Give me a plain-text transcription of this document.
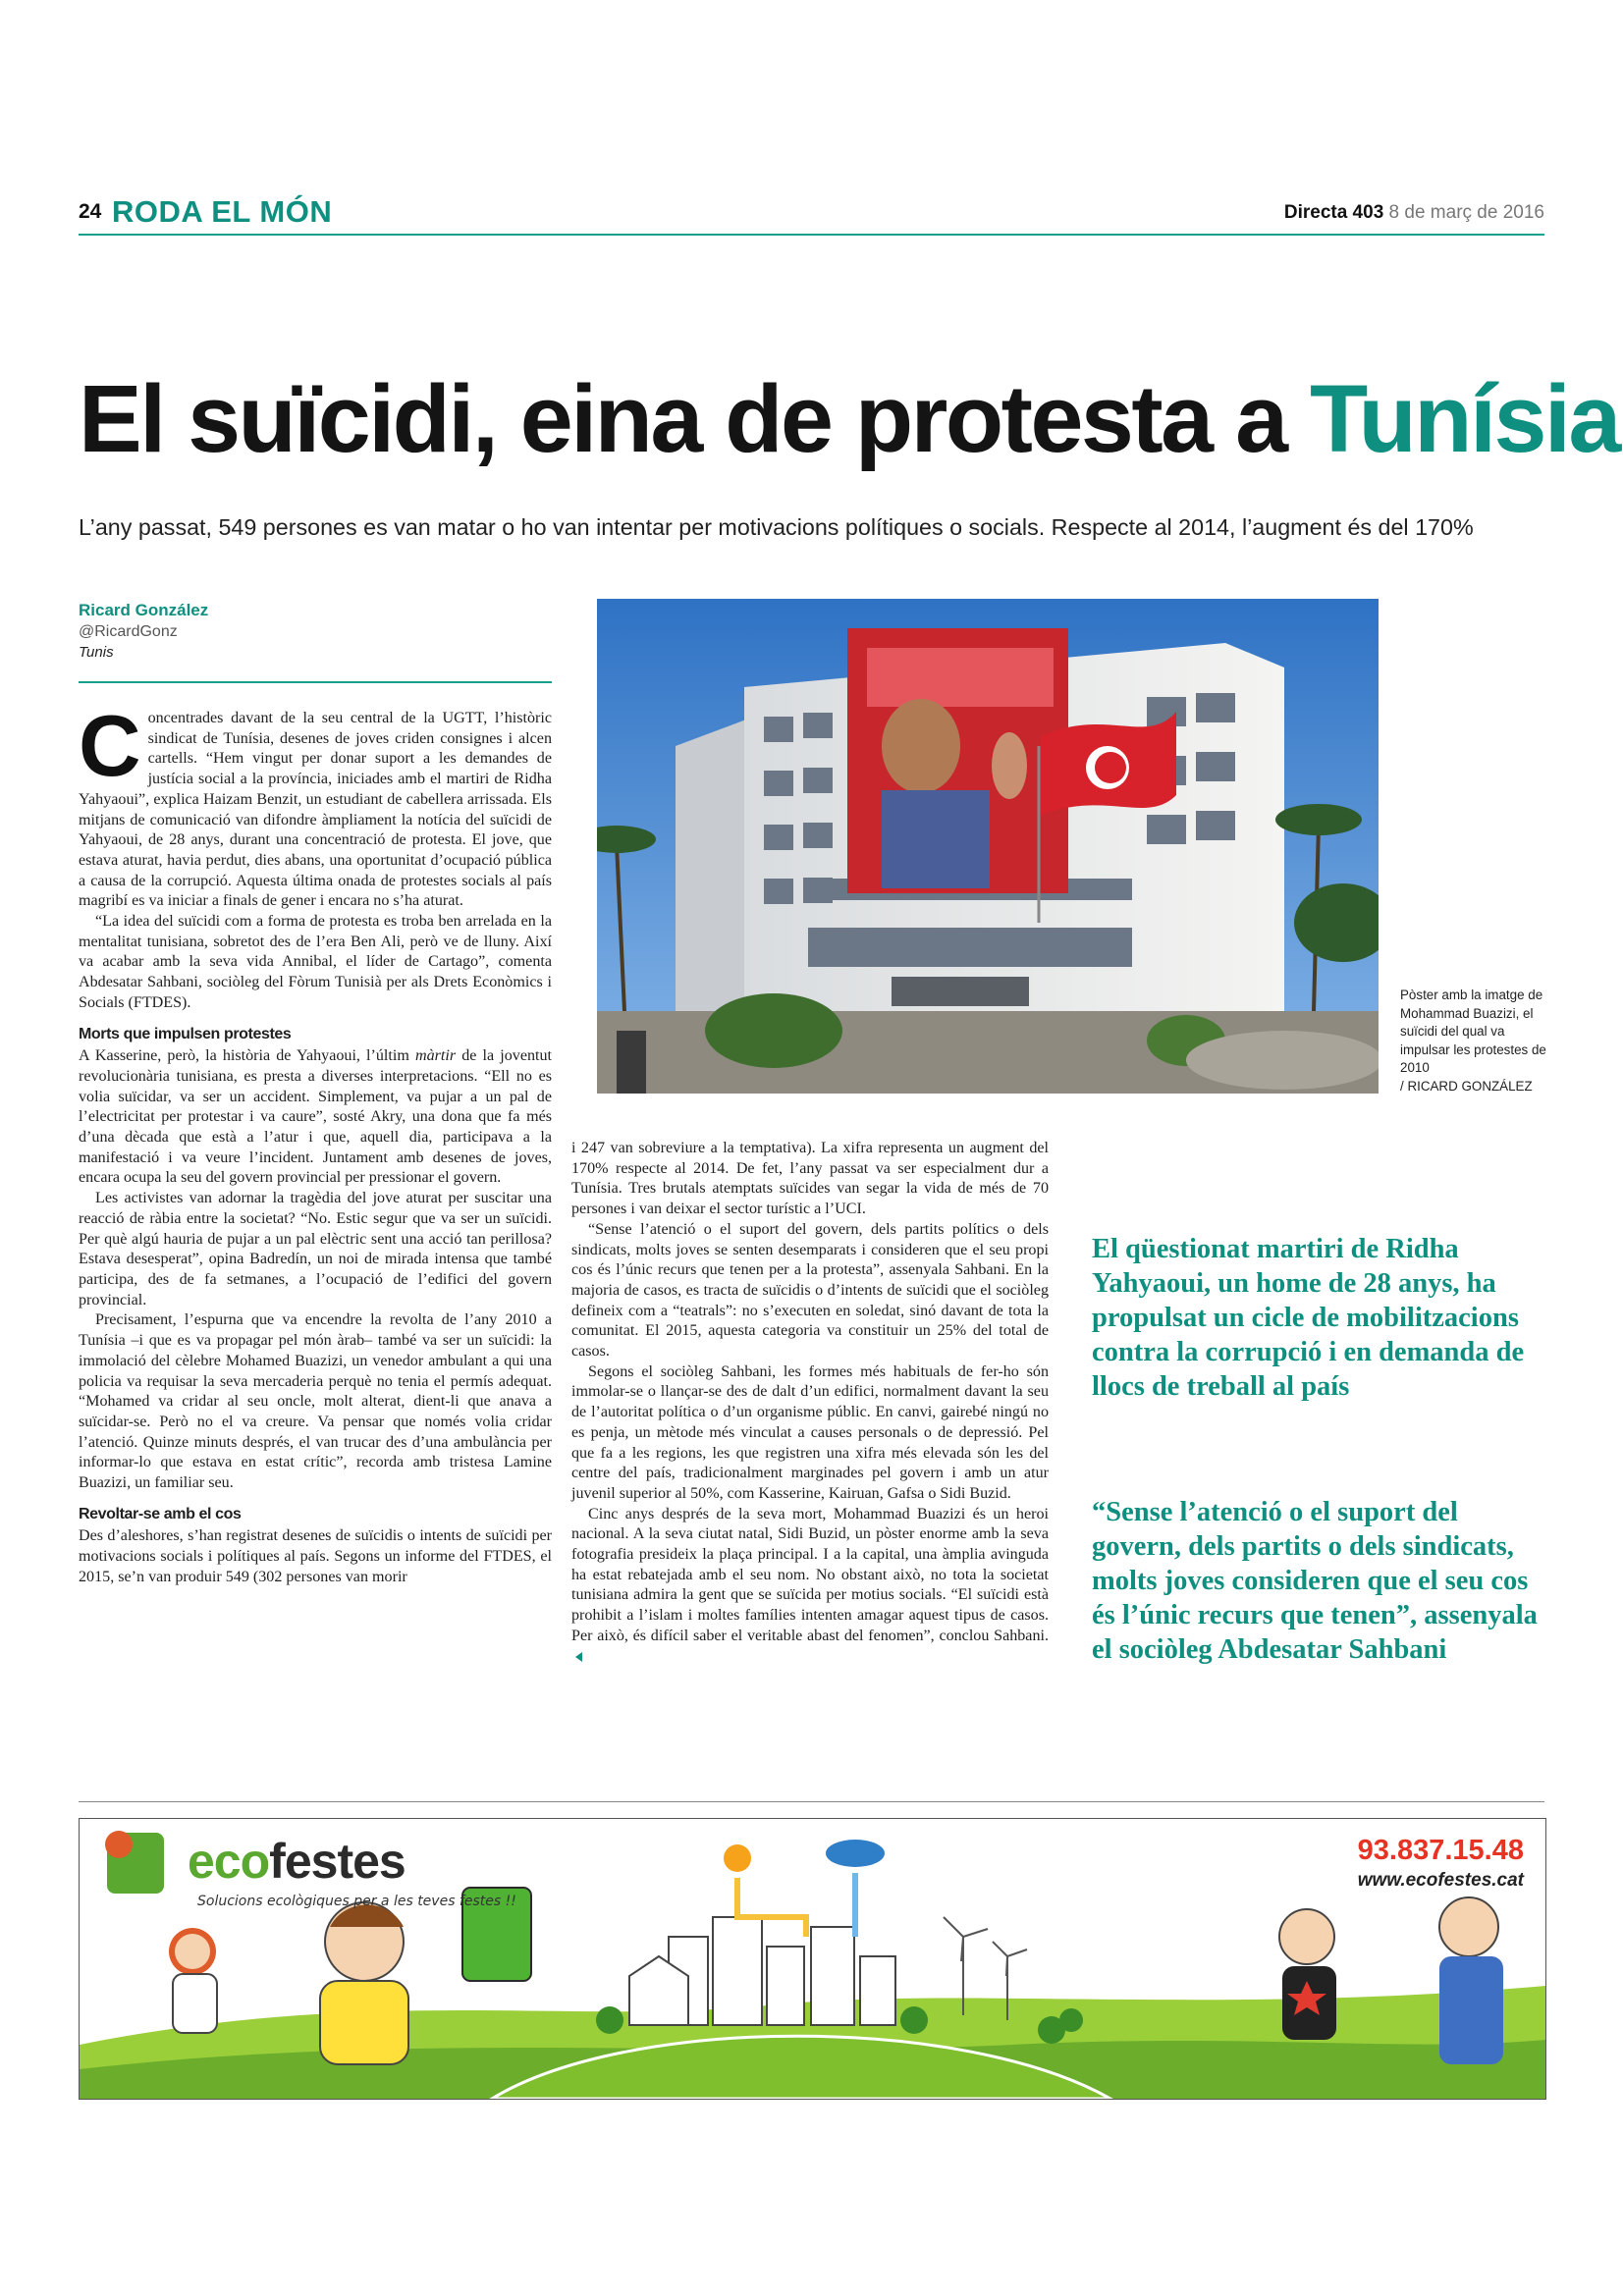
24 RODA EL MÓN	Directa 403 8 de març de 2016
El suïcidi, eina de protesta a Tunísia
L’any passat, 549 persones es van matar o ho van intentar per motivacions polítiques o socials. Respecte al 2014, l’augment és del 170%

Ricard González

@RicardGonz

Tunis

Concentrades davant de la seu central de la UGTT, l’històric sindicat de Tunísia, desenes de joves criden consignes i alcen cartells. “Hem vingut per donar suport a les demandes de justícia social a la província, iniciades amb el martiri de Ridha Yahyaoui”, explica Haizam Benzit, un estudiant de cabellera arrissada. Els mitjans de comunicació van difondre àmpliament la notícia del suïcidi de Yahyaoui, de 28 anys, durant una concentració de protesta. El jove, que estava aturat, havia perdut, dies abans, una oportunitat d’ocupació pública a causa de la corrupció. Aquesta última onada de protestes socials al país magribí es va iniciar a finals de gener i encara no s’ha aturat.

“La idea del suïcidi com a forma de protesta es troba ben arrelada en la mentalitat tunisiana, sobretot des de l’era Ben Ali, però ve de lluny. Així va acabar amb la seva vida Annibal, el líder de Cartago”, comenta Abdesatar Sahbani, sociòleg del Fòrum Tunisià per als Drets Econòmics i Socials (FTDES).

Morts que impulsen protestes

A Kasserine, però, la història de Yahyaoui, l’últim màrtir de la joventut revolucionària tunisiana, es presta a diverses interpretacions. “Ell no es volia suïcidar, va ser un accident. Simplement, va pujar a un pal de l’electricitat per protestar i va caure”, sosté Akry, una dona que fa més d’una dècada que està a l’atur i que, aquell dia, participava a la manifestació i va veure l’incident. Juntament amb desenes de joves, encara ocupa la seu del govern provincial per pressionar el govern.

Les activistes van adornar la tragèdia del jove aturat per suscitar una reacció de ràbia entre la societat? “No. Estic segur que va ser un suïcidi. Per què algú hauria de pujar a un pal elèctric sent una acció tan perillosa? Estava desesperat”, opina Badredín, un noi de mirada intensa que també participa, des de fa setmanes, a l’ocupació de l’edifici del govern provincial.

Precisament, l’espurna que va encendre la revolta de l’any 2010 a Tunísia –i que es va propagar pel món àrab– també va ser un suïcidi: la immolació del cèlebre Mohamed Buazizi, un venedor ambulant a qui una policia va requisar la seva mercaderia perquè no tenia el permís adequat. “Mohamed va cridar al seu oncle, molt alterat, dient-li que anava a suïcidar-se. Però no el va creure. Va pensar que només volia cridar l’atenció. Quinze minuts després, el van trucar des d’una ambulància per informar-lo que estava en estat crític”, recorda amb tristesa Lamine Buazizi, un familiar seu.

Revoltar-se amb el cos

Des d’aleshores, s’han registrat desenes de suïcidis o intents de suïcidi per motivacions socials i polítiques al país. Segons un informe del FTDES, el 2015, se’n van produir 549 (302 persones van morir

i 247 van sobreviure a la temptativa). La xifra representa un augment del 170% respecte al 2014. De fet, l’any passat va ser especialment dur a Tunísia. Tres brutals atemptats suïcides van segar la vida de més de 70 persones i van deixar el sector turístic a l’UCI.

“Sense l’atenció o el suport del govern, dels partits polítics o dels sindicats, molts joves se senten desemparats i consideren que el seu propi cos és l’únic recurs que tenen per a la protesta”, assenyala Sahbani. En la majoria de casos, es tracta de suïcidis o d’intents de suïcidi que el sociòleg defineix com a “teatrals”: no s’executen en soledat, sinó davant de tota la comunitat. El 2015, aquesta categoria va constituir un 25% del total de casos.

Segons el sociòleg Sahbani, les formes més habituals de fer-ho són immolar-se o llançar-se des de dalt d’un edifici, normalment davant la seu de l’autoritat política o d’un organisme públic. En canvi, gairebé ningú no es penja, un mètode més vinculat a causes personals o de depressió. Pel que fa a les regions, les que registren una xifra més elevada són les del centre del país, tradicionalment marginades pel govern i amb un atur juvenil superior al 50%, com Kasserine, Kairuan, Gafsa o Sidi Buzid.

Cinc anys després de la seva mort, Mohammad Buazizi és un heroi nacional. A la seva ciutat natal, Sidi Buzid, un pòster enorme amb la seva fotografia presideix la plaça principal. I a la capital, una àmplia avinguda ha estat rebatejada amb el seu nom. No obstant això, no tota la societat tunisiana admira la gent que se suïcida per motius socials. “El suïcidi està prohibit a l’islam i moltes famílies intenten amagar aquest tipus de casos. Per això, és difícil saber el veritable abast del fenomen”, conclou Sahbani.

Pòster amb la imatge de Mohammad Buazizi, el suïcidi del qual va impulsar les protestes de 2010
/ RICARD GONZÁLEZ
El qüestionat martiri de Ridha Yahyaoui, un home de 28 anys, ha propulsat un cicle de mobilitzacions contra la corrupció i en demanda de llocs de treball al país
“Sense l’atenció o el suport del govern, dels partits o dels sindicats, molts joves consideren que el seu cos és l’únic recurs que tenen”, assenyala el sociòleg Abdesatar Sahbani
ecofestes
Solucions ecològiques per a les teves festes !!
93.837.15.48
www.ecofestes.cat
